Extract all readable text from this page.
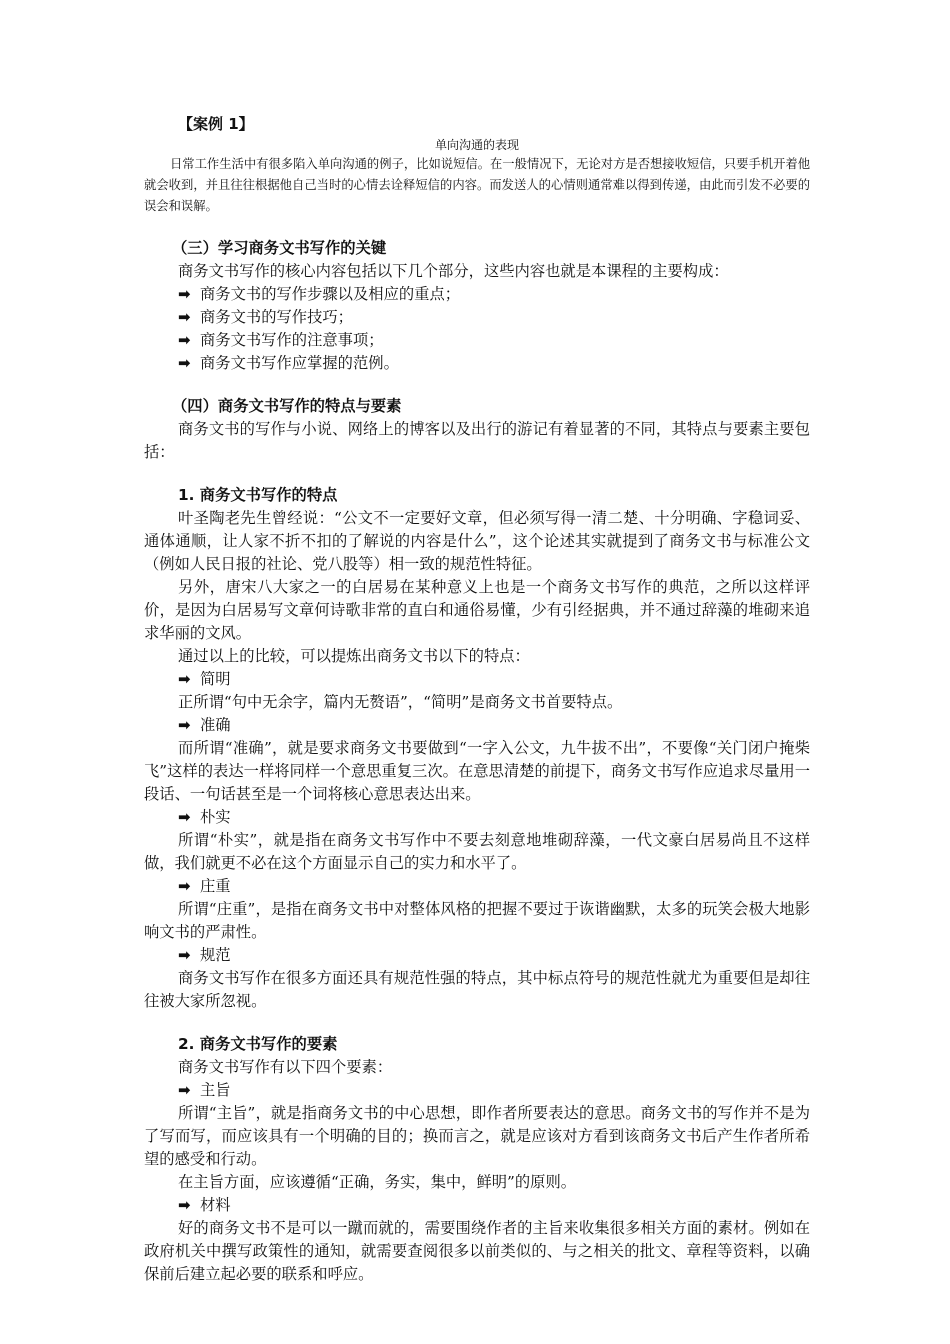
【案例 1】
单向沟通的表现

日常工作生活中有很多陷入单向沟通的例子，比如说短信。在一般情况下，无论对方是否想接收短信，只要手机开着他就会收到，并且往往根据他自己当时的心情去诠释短信的内容。而发送人的心情则通常难以得到传递，由此而引发不必要的误会和误解。

（三）学习商务文书写作的关键

商务文书写作的核心内容包括以下几个部分，这些内容也就是本课程的主要构成：

➡ 商务文书的写作步骤以及相应的重点；
➡ 商务文书的写作技巧；
➡ 商务文书写作的注意事项；
➡ 商务文书写作应掌握的范例。
（四）商务文书写作的特点与要素

商务文书的写作与小说、网络上的博客以及出行的游记有着显著的不同，其特点与要素主要包括：

1. 商务文书写作的特点

叶圣陶老先生曾经说：“公文不一定要好文章，但必须写得一清二楚、十分明确、字稳词妥、通体通顺，让人家不折不扣的了解说的内容是什么”，这个论述其实就提到了商务文书与标准公文（例如人民日报的社论、党八股等）相一致的规范性特征。

另外，唐宋八大家之一的白居易在某种意义上也是一个商务文书写作的典范，之所以这样评价，是因为白居易写文章何诗歌非常的直白和通俗易懂，少有引经据典，并不通过辞藻的堆砌来追求华丽的文风。

通过以上的比较，可以提炼出商务文书以下的特点：

➡ 简明

正所谓“句中无余字，篇内无赘语”，“简明”是商务文书首要特点。

➡ 准确

而所谓“准确”，就是要求商务文书要做到“一字入公文，九牛拔不出”，不要像“关门闭户掩柴飞”这样的表达一样将同样一个意思重复三次。在意思清楚的前提下，商务文书写作应追求尽量用一段话、一句话甚至是一个词将核心意思表达出来。

➡ 朴实

所谓“朴实”，就是指在商务文书写作中不要去刻意地堆砌辞藻，一代文豪白居易尚且不这样做，我们就更不必在这个方面显示自己的实力和水平了。

➡ 庄重

所谓“庄重”，是指在商务文书中对整体风格的把握不要过于诙谐幽默，太多的玩笑会极大地影响文书的严肃性。

➡ 规范

商务文书写作在很多方面还具有规范性强的特点，其中标点符号的规范性就尤为重要但是却往往被大家所忽视。

2. 商务文书写作的要素

商务文书写作有以下四个要素：

➡ 主旨

所谓“主旨”，就是指商务文书的中心思想，即作者所要表达的意思。商务文书的写作并不是为了写而写，而应该具有一个明确的目的；换而言之，就是应该对方看到该商务文书后产生作者所希望的感受和行动。

在主旨方面，应该遵循“正确，务实，集中，鲜明”的原则。

➡ 材料

好的商务文书不是可以一蹴而就的，需要围绕作者的主旨来收集很多相关方面的素材。例如在政府机关中撰写政策性的通知，就需要查阅很多以前类似的、与之相关的批文、章程等资料，以确保前后建立起必要的联系和呼应。
